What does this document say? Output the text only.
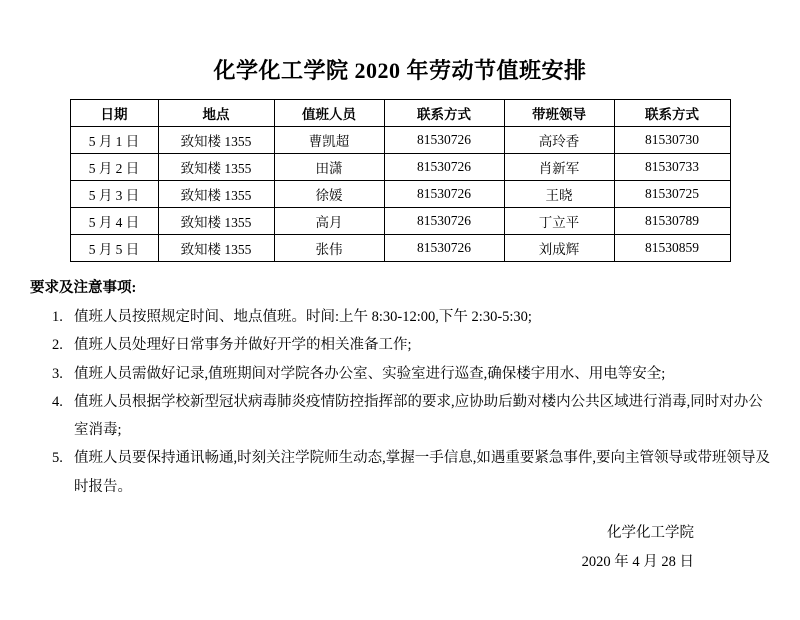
化学化工学院 2020 年劳动节值班安排
日期	地点	值班人员	联系方式	带班领导	联系方式
5 月 1 日	致知楼 1355	曹凯超	81530726	高玲香	81530730
5 月 2 日	致知楼 1355	田潇	81530726	肖新军	81530733
5 月 3 日	致知楼 1355	徐媛	81530726	王晓	81530725
5 月 4 日	致知楼 1355	高月	81530726	丁立平	81530789
5 月 5 日	致知楼 1355	张伟	81530726	刘成辉	81530859
要求及注意事项:
1. 值班人员按照规定时间、地点值班。时间:上午 8:30-12:00,下午 2:30-5:30;
2. 值班人员处理好日常事务并做好开学的相关准备工作;
3. 值班人员需做好记录,值班期间对学院各办公室、实验室进行巡查,确保楼宇用水、用电等安全;
4. 值班人员根据学校新型冠状病毒肺炎疫情防控指挥部的要求,应协助后勤对楼内公共区域进行消毒,同时对办公室消毒;
5. 值班人员要保持通讯畅通,时刻关注学院师生动态,掌握一手信息,如遇重要紧急事件,要向主管领导或带班领导及时报告。
化学化工学院
2020 年 4 月 28 日
